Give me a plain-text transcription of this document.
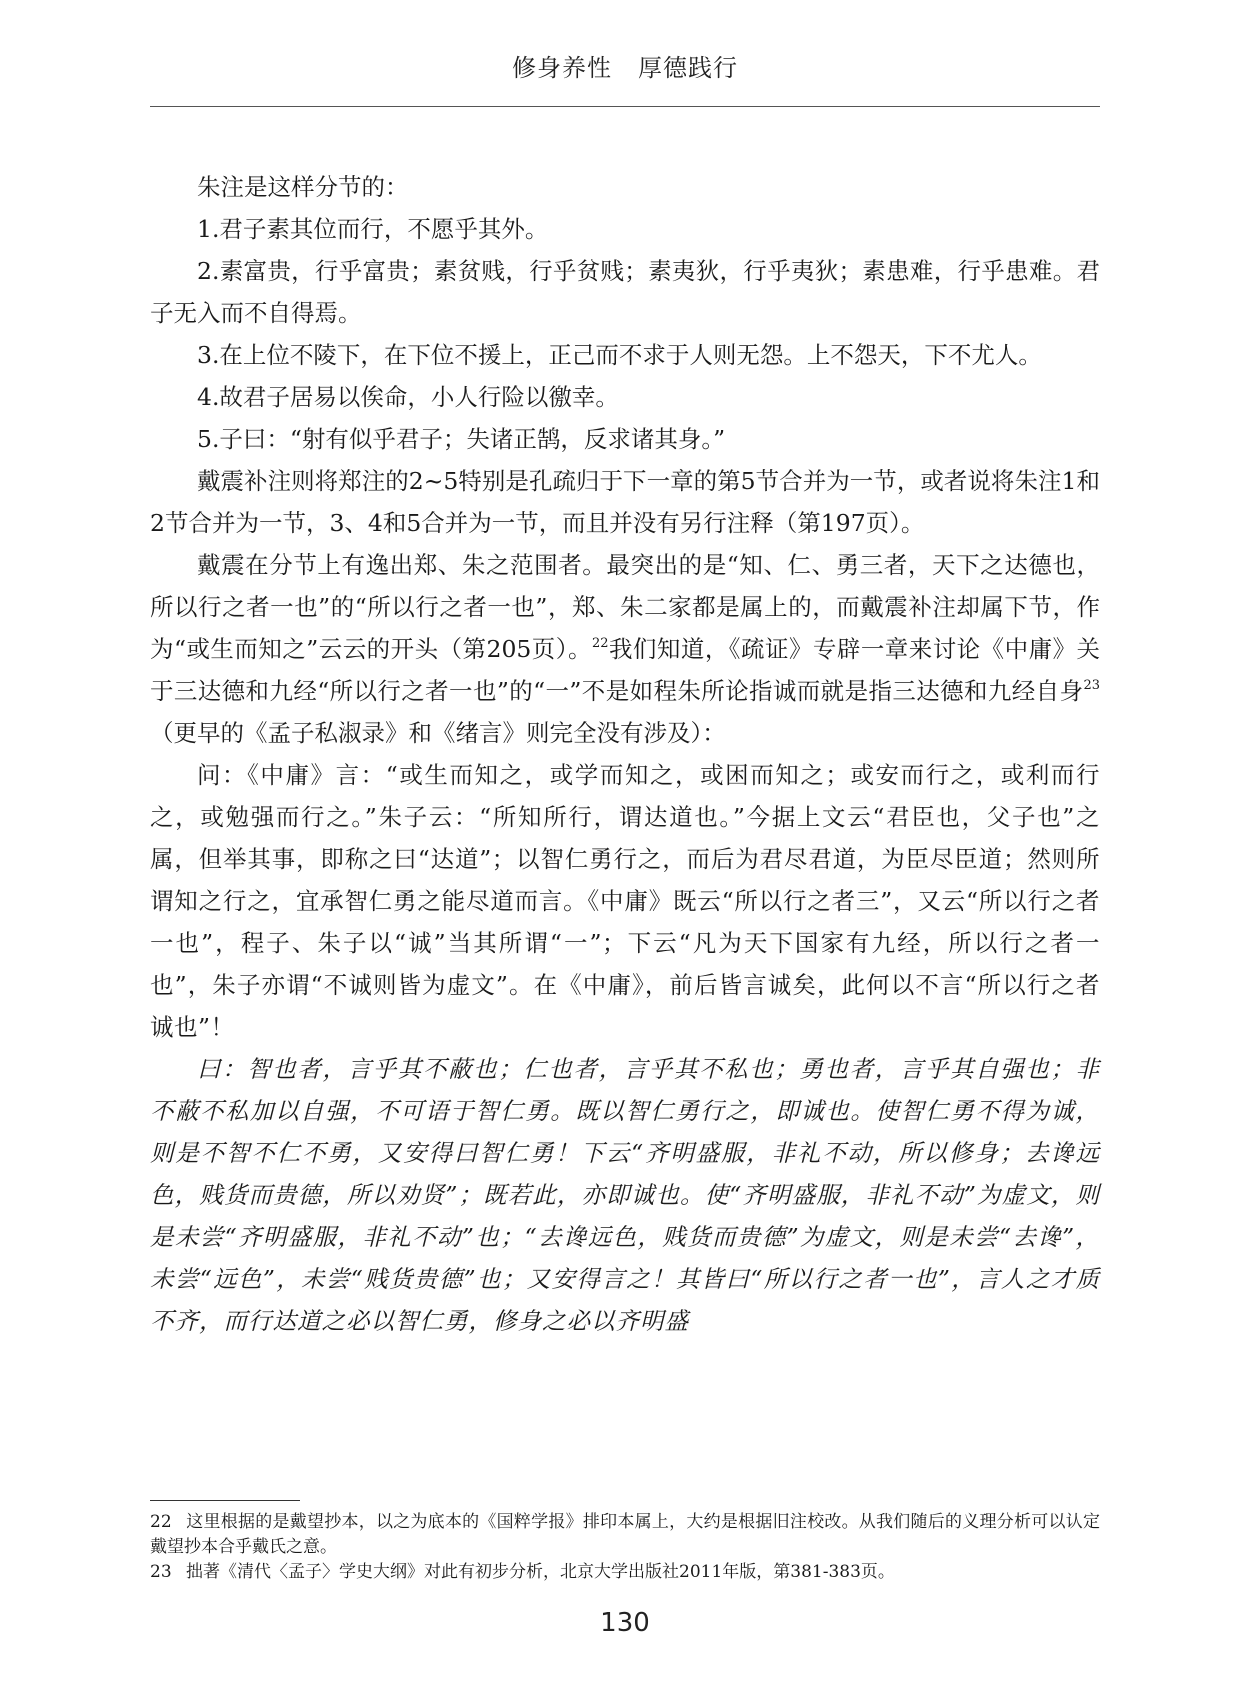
修身养性 厚德践行

朱注是这样分节的：

1.君子素其位而行，不愿乎其外。

2.素富贵，行乎富贵；素贫贱，行乎贫贱；素夷狄，行乎夷狄；素患难，行乎患难。君子无入而不自得焉。

3.在上位不陵下，在下位不援上，正己而不求于人则无怨。上不怨天，下不尤人。

4.故君子居易以俟命，小人行险以徼幸。

5.子曰：“射有似乎君子；失诸正鹄，反求诸其身。”

戴震补注则将郑注的2~5特别是孔疏归于下一章的第5节合并为一节，或者说将朱注1和2节合并为一节，3、4和5合并为一节，而且并没有另行注释（第197页）。

戴震在分节上有逸出郑、朱之范围者。最突出的是“知、仁、勇三者，天下之达德也，所以行之者一也”的“所以行之者一也”，郑、朱二家都是属上的，而戴震补注却属下节，作为“或生而知之”云云的开头（第205页）。$^{22}$我们知道，《疏证》专辟一章来讨论《中庸》关于三达德和九经“所以行之者一也”的“一”不是如程朱所论指诚而就是指三达德和九经自身$^{23}$（更早的《孟子私淑录》和《绪言》则完全没有涉及）：

问：《中庸》言：“或生而知之，或学而知之，或困而知之；或安而行之，或利而行之，或勉强而行之。”朱子云：“所知所行，谓达道也。”今据上文云“君臣也，父子也”之属，但举其事，即称之曰“达道”；以智仁勇行之，而后为君尽君道，为臣尽臣道；然则所谓知之行之，宜承智仁勇之能尽道而言。《中庸》既云“所以行之者三”，又云“所以行之者一也”，程子、朱子以“诚”当其所谓“一”；下云“凡为天下国家有九经，所以行之者一也”，朱子亦谓“不诚则皆为虚文”。在《中庸》，前后皆言诚矣，此何以不言“所以行之者诚也”！

曰：智也者，言乎其不蔽也；仁也者，言乎其不私也；勇也者，言乎其自强也；非不蔽不私加以自强，不可语于智仁勇。既以智仁勇行之，即诚也。使智仁勇不得为诚，则是不智不仁不勇，又安得曰智仁勇！下云“齐明盛服，非礼不动，所以修身；去谗远色，贱货而贵德，所以劝贤”；既若此，亦即诚也。使“齐明盛服，非礼不动”为虚文，则是未尝“齐明盛服，非礼不动”也；“去谗远色，贱货而贵德”为虚文，则是未尝“去谗”，未尝“远色”，未尝“贱货贵德”也；又安得言之！其皆曰“所以行之者一也”，言人之才质不齐，而行达道之必以智仁勇，修身之必以齐明盛

22 这里根据的是戴望抄本，以之为底本的《国粹学报》排印本属上，大约是根据旧注校改。从我们随后的义理分析可以认定戴望抄本合乎戴氏之意。

23 拙著《清代〈孟子〉学史大纲》对此有初步分析，北京大学出版社2011年版，第381-383页。

130
